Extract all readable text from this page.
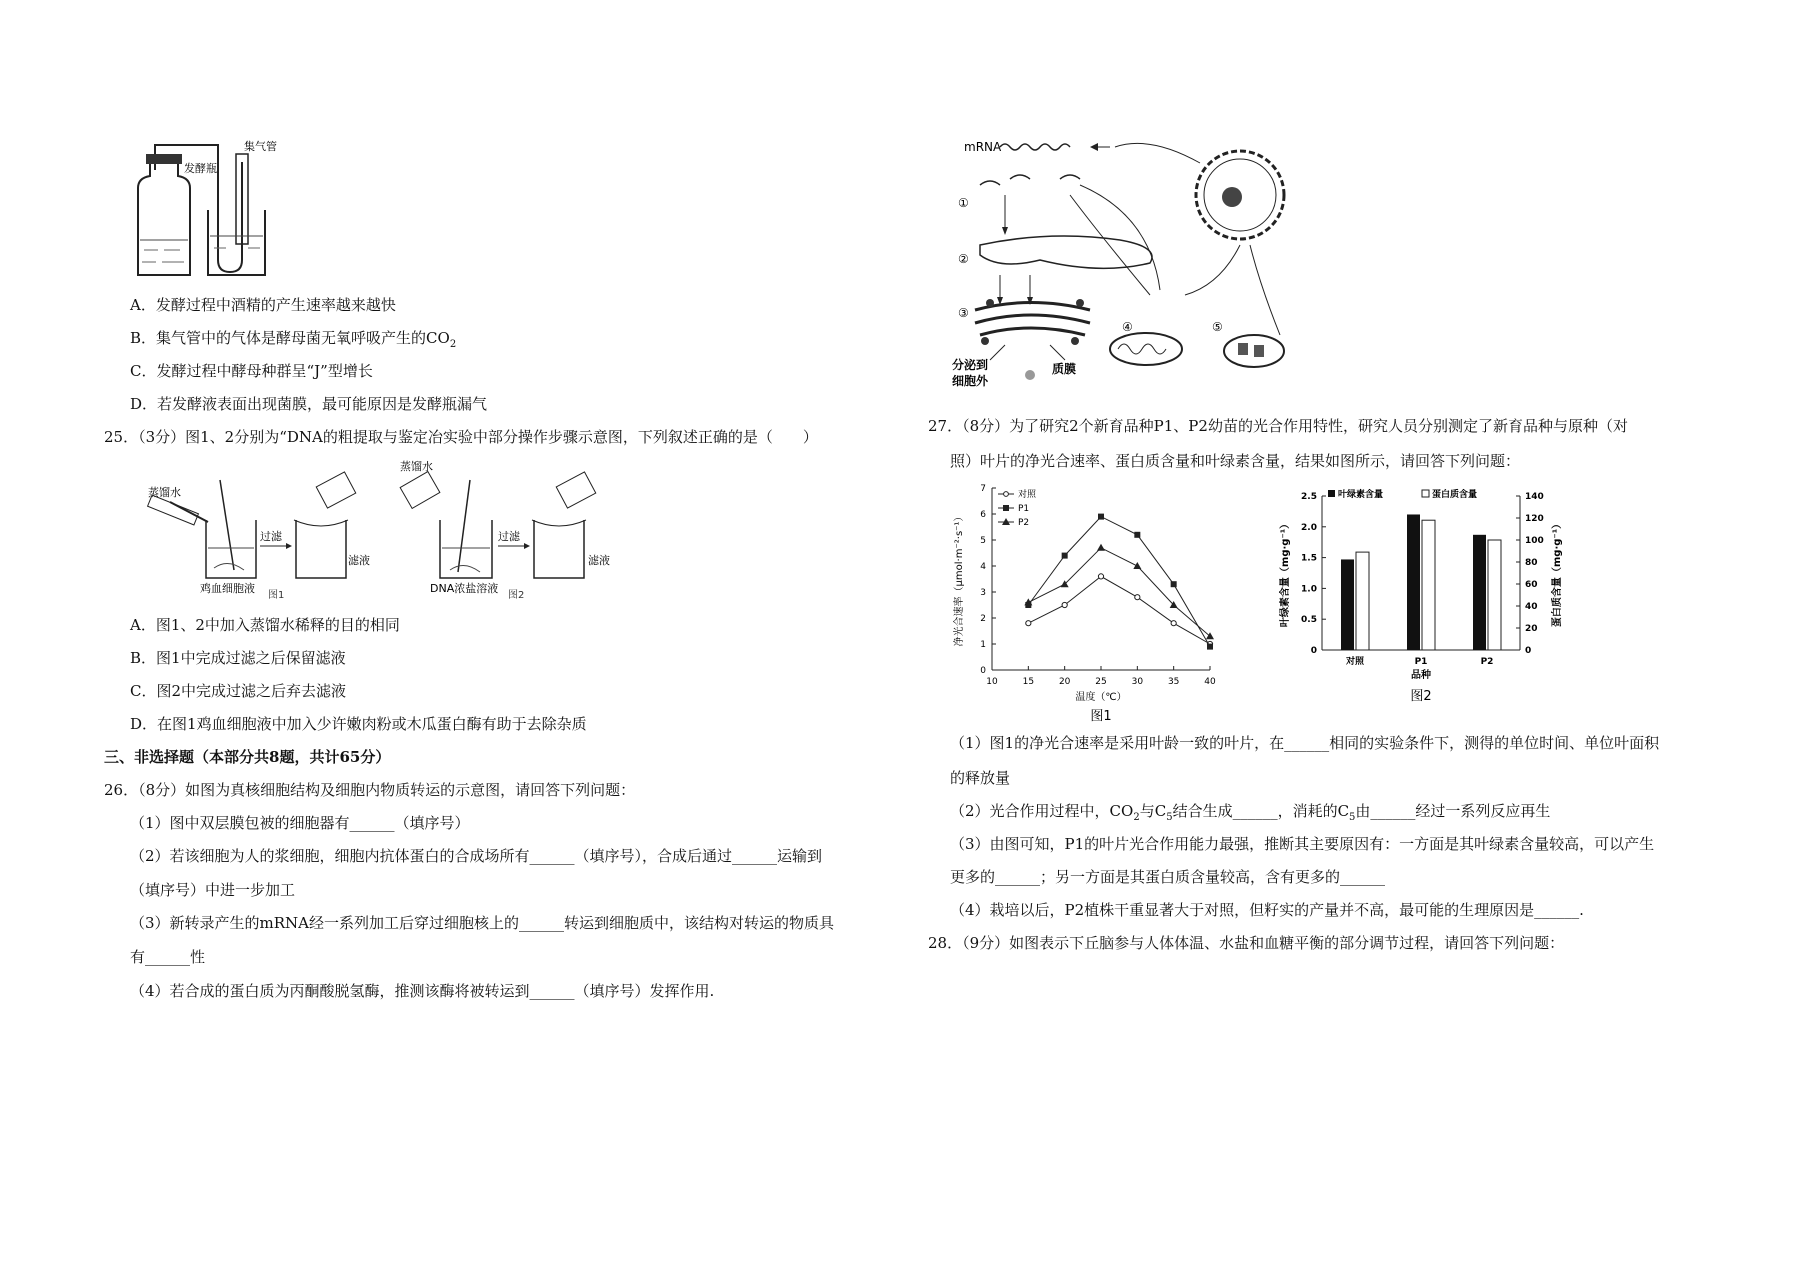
发酵瓶
集气管
A．发酵过程中酒精的产生速率越来越快
B．集气管中的气体是酵母菌无氧呼吸产生的$CO_2$
C．发酵过程中酵母种群呈“J”型增长
D．若发酵液表面出现菌膜，最可能原因是发酵瓶漏气
25．（3分）图1、2分别为“DNA的粗提取与鉴定冶实验中部分操作步骤示意图，下列叙述正确的是（　　）
蒸馏水
鸡血细胞液
过滤
滤液
图1
蒸馏水
DNA浓盐溶液
过滤
滤液
图2
A．图1、2中加入蒸馏水稀释的目的相同
B．图1中完成过滤之后保留滤液
C．图2中完成过滤之后弃去滤液
D．在图1鸡血细胞液中加入少许嫩肉粉或木瓜蛋白酶有助于去除杂质
三、非选择题（本部分共8题，共计65分）
26．（8分）如图为真核细胞结构及细胞内物质转运的示意图，请回答下列问题：
（1）图中双层膜包被的细胞器有______（填序号）
（2）若该细胞为人的浆细胞，细胞内抗体蛋白的合成场所有______（填序号），合成后通过______运输到
（填序号）中进一步加工
（3）新转录产生的mRNA经一系列加工后穿过细胞核上的______转运到细胞质中，该结构对转运的物质具
有______性
（4）若合成的蛋白质为丙酮酸脱氢酶，推测该酶将被转运到______（填序号）发挥作用.
mRNA
①
②
③
分泌到
细胞外
质膜
④	⑤
27．（8分）为了研究2个新育品种P1、P2幼苗的光合作用特性，研究人员分别测定了新育品种与原种（对
照）叶片的净光合速率、蛋白质含量和叶绿素含量，结果如图所示，请回答下列问题：
0
1
2
3
4
5
6
7
10	15	20	25	30	35	40
温度（℃）
净光合速率（μmol·m⁻²·s⁻¹）
对照
P1
P2
图1
0
0.5
1.0
1.5
2.0
2.5
0
20
40
60
80
100
120
140
对照	P1	P2
品种
叶绿素含量（mg·g⁻¹）	蛋白质含量（mg·g⁻¹）
叶绿素含量	蛋白质含量
图2
（1）图1的净光合速率是采用叶龄一致的叶片，在______相同的实验条件下，测得的单位时间、单位叶面积
的释放量
（2）光合作用过程中，$CO_2$与$C_5$结合生成______，消耗的$C_5$由______经过一系列反应再生
（3）由图可知，P1的叶片光合作用能力最强，推断其主要原因有：一方面是其叶绿素含量较高，可以产生
更多的______；另一方面是其蛋白质含量较高，含有更多的______
（4）栽培以后，P2植株干重显著大于对照，但籽实的产量并不高，最可能的生理原因是______.
28．（9分）如图表示下丘脑参与人体体温、水盐和血糖平衡的部分调节过程，请回答下列问题：
